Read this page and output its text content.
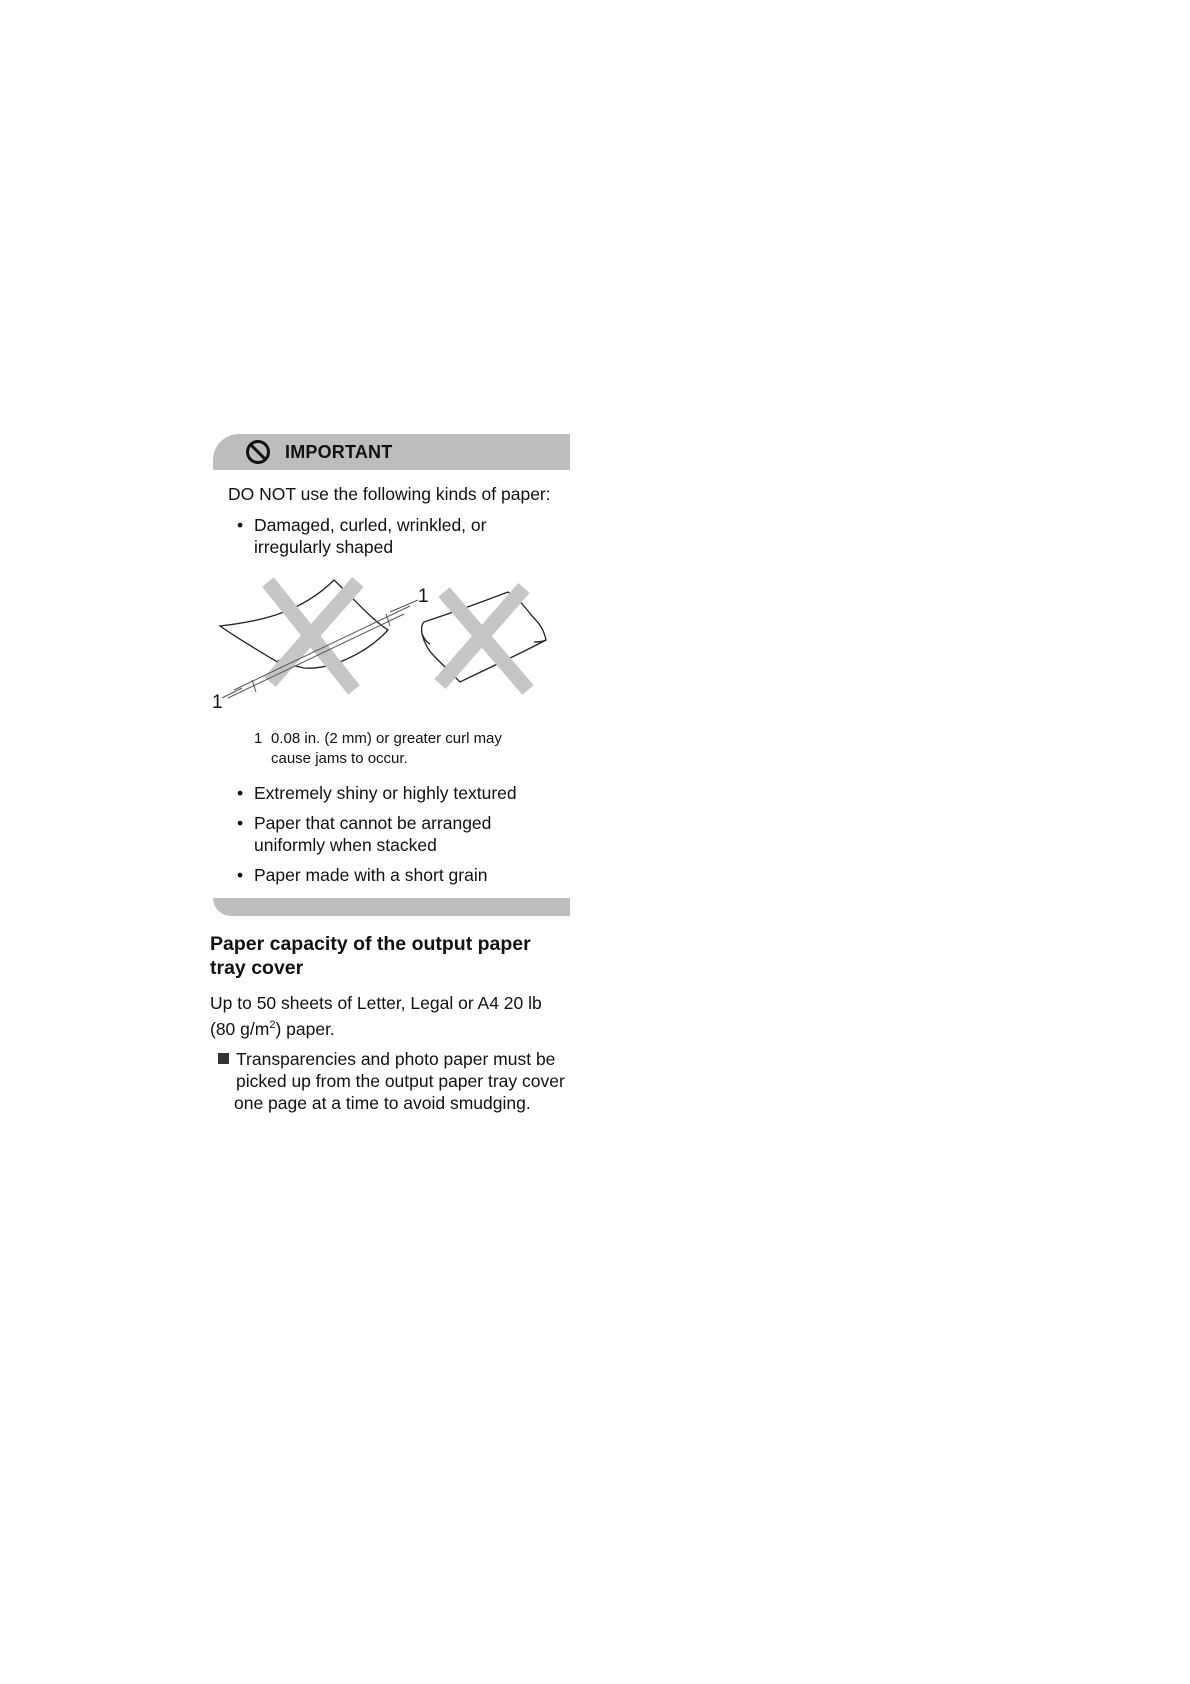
IMPORTANT
DO NOT use the following kinds of paper:
• Damaged, curled, wrinkled, or
irregularly shaped
1
1
1 0.08 in. (2 mm) or greater curl may
cause jams to occur.
• Extremely shiny or highly textured
• Paper that cannot be arranged
uniformly when stacked
• Paper made with a short grain
Paper capacity of the output paper
tray cover
Up to 50 sheets of Letter, Legal or A4 20 lb
(80 $g/m^2$) paper.
Transparencies and photo paper must be
picked up from the output paper tray cover
one page at a time to avoid smudging.
